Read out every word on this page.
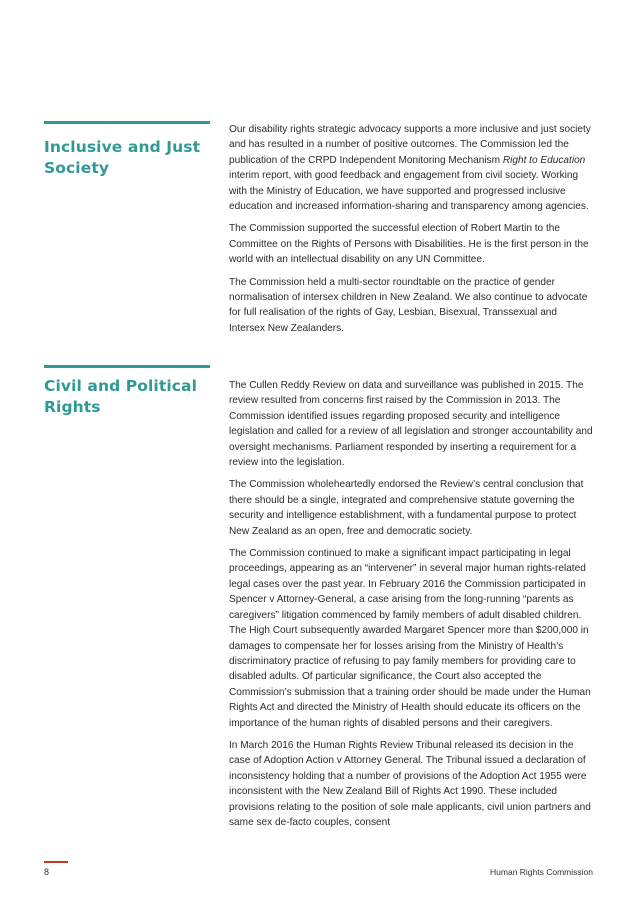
Inclusive and Just Society

Our disability rights strategic advocacy supports a more inclusive and just society and has resulted in a number of positive outcomes. The Commission led the publication of the CRPD Independent Monitoring Mechanism Right to Education interim report, with good feedback and engagement from civil society. Working with the Ministry of Education, we have supported and progressed inclusive education and increased information-sharing and transparency among agencies.

The Commission supported the successful election of Robert Martin to the Committee on the Rights of Persons with Disabilities. He is the first person in the world with an intellectual disability on any UN Committee.

The Commission held a multi-sector roundtable on the practice of gender normalisation of intersex children in New Zealand. We also continue to advocate for full realisation of the rights of Gay, Lesbian, Bisexual, Transsexual and Intersex New Zealanders.

Civil and Political Rights

The Cullen Reddy Review on data and surveillance was published in 2015. The review resulted from concerns first raised by the Commission in 2013. The Commission identified issues regarding proposed security and intelligence legislation and called for a review of all legislation and stronger accountability and oversight mechanisms. Parliament responded by inserting a requirement for a review into the legislation.

The Commission wholeheartedly endorsed the Review’s central conclusion that there should be a single, integrated and comprehensive statute governing the security and intelligence establishment, with a fundamental purpose to protect New Zealand as an open, free and democratic society.

The Commission continued to make a significant impact participating in legal proceedings, appearing as an “intervener” in several major human rights-related legal cases over the past year. In February 2016 the Commission participated in Spencer v Attorney-General, a case arising from the long-running “parents as caregivers” litigation commenced by family members of adult disabled children. The High Court subsequently awarded Margaret Spencer more than $200,000 in damages to compensate her for losses arising from the Ministry of Health’s discriminatory practice of refusing to pay family members for providing care to disabled adults. Of particular significance, the Court also accepted the Commission’s submission that a training order should be made under the Human Rights Act and directed the Ministry of Health should educate its officers on the importance of the human rights of disabled persons and their caregivers.

In March 2016 the Human Rights Review Tribunal released its decision in the case of Adoption Action v Attorney General. The Tribunal issued a declaration of inconsistency holding that a number of provisions of the Adoption Act 1955 were inconsistent with the New Zealand Bill of Rights Act 1990. These included provisions relating to the position of sole male applicants, civil union partners and same sex de-facto couples, consent

8	Human Rights Commission
